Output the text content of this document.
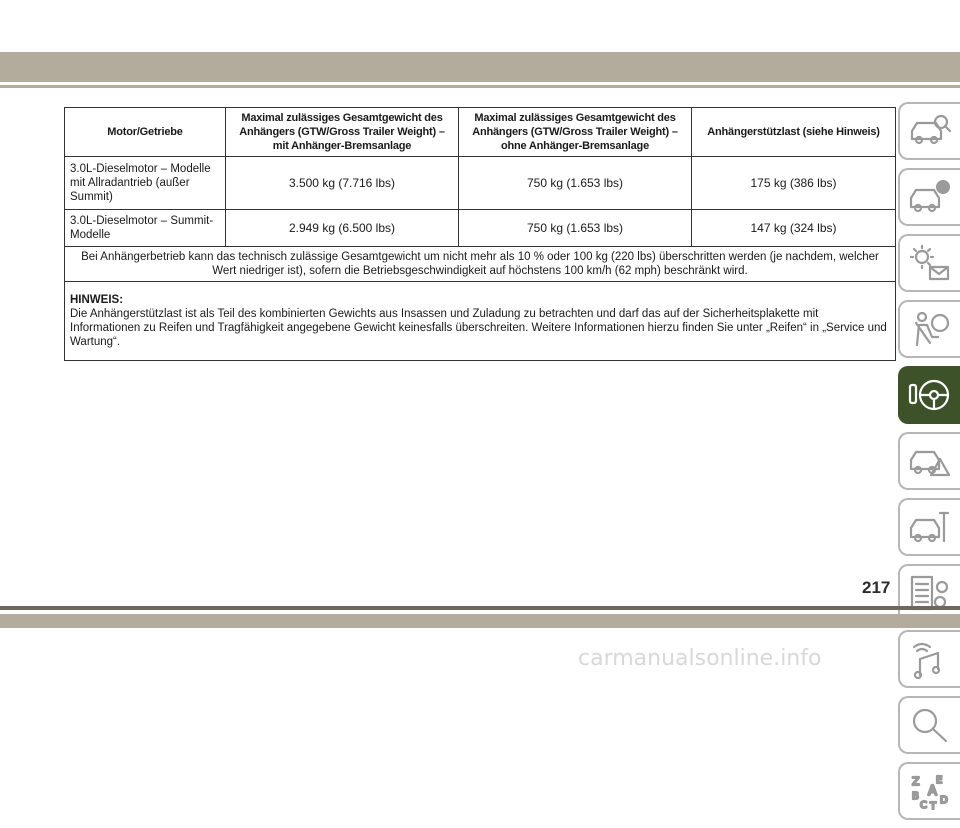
Motor/Getriebe	Maximal zulässiges Gesamtgewicht des Anhängers (GTW/Gross Trailer Weight) – mit Anhänger-Bremsanlage	Maximal zulässiges Gesamtgewicht des Anhängers (GTW/Gross Trailer Weight) – ohne Anhänger-Bremsanlage	Anhängerstützlast (siehe Hinweis)
3.0L-Dieselmotor – Modelle mit Allradantrieb (außer Summit)	3.500 kg (7.716 lbs)	750 kg (1.653 lbs)	175 kg (386 lbs)
3.0L-Dieselmotor – Summit-Modelle	2.949 kg (6.500 lbs)	750 kg (1.653 lbs)	147 kg (324 lbs)
Bei Anhängerbetrieb kann das technisch zulässige Gesamtgewicht um nicht mehr als 10 % oder 100 kg (220 lbs) überschritten werden (je nachdem, welcher Wert niedriger ist), sofern die Betriebsgeschwindigkeit auf höchstens 100 km/h (62 mph) beschränkt wird.			

HINWEIS:
Die Anhängerstützlast ist als Teil des kombinierten Gewichts aus Insassen und Zuladung zu betrachten und darf das auf der Sicherheitsplakette mit Informationen zu Reifen und Tragfähigkeit angegebene Gewicht keinesfalls überschreiten. Weitere Informationen hierzu finden Sie unter „Reifen“ in „Service und Wartung“.			
Z E
A
B
C T
D
217
carmanualsonline.info
